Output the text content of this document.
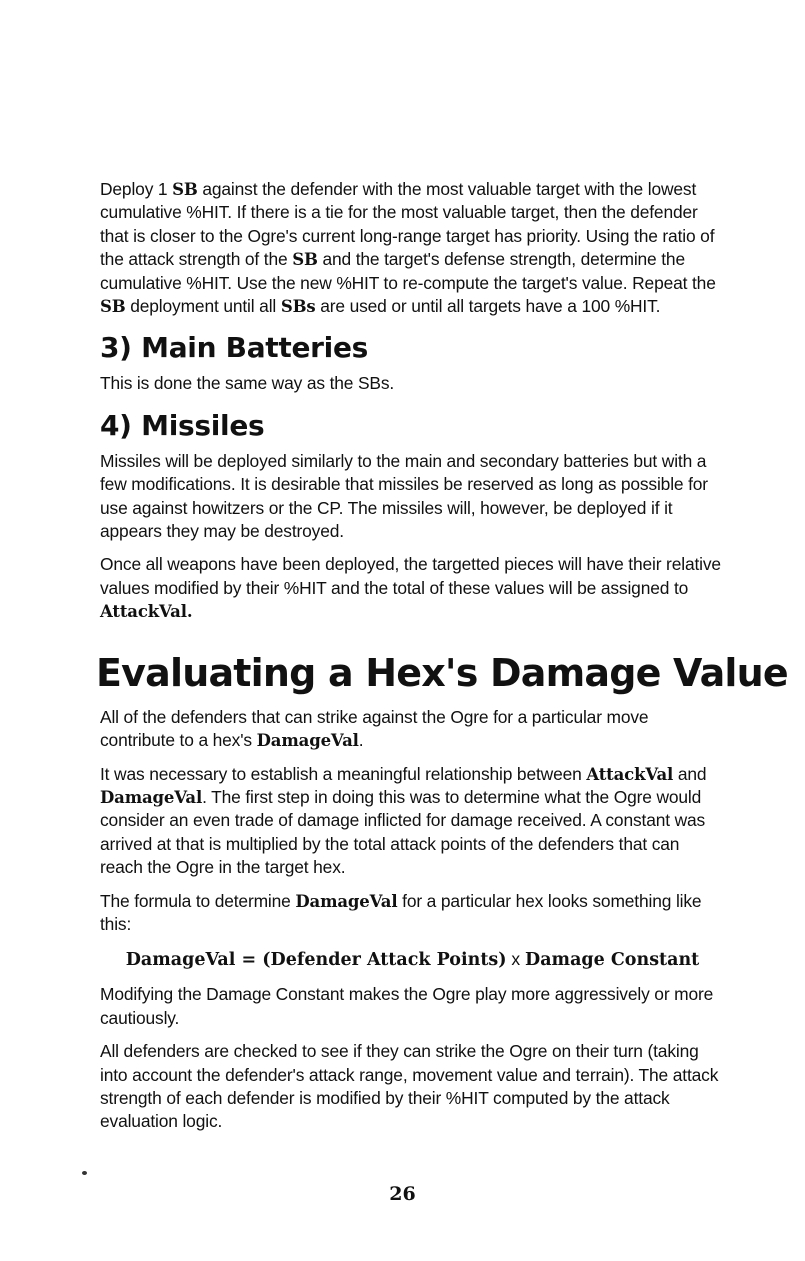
Deploy 1 SB against the defender with the most valuable target with the lowest cumulative %HIT. If there is a tie for the most valuable target, then the defender that is closer to the Ogre's current long-range target has priority. Using the ratio of the attack strength of the SB and the target's defense strength, determine the cumulative %HIT. Use the new %HIT to re-compute the target's value. Repeat the SB deployment until all SBs are used or until all targets have a 100 %HIT.

3) Main Batteries

This is done the same way as the SBs.

4) Missiles

Missiles will be deployed similarly to the main and secondary batteries but with a few modifications. It is desirable that missiles be reserved as long as possible for use against howitzers or the CP. The missiles will, however, be deployed if it appears they may be destroyed.

Once all weapons have been deployed, the targetted pieces will have their relative values modified by their %HIT and the total of these values will be assigned to AttackVal.

Evaluating a Hex's Damage Value

All of the defenders that can strike against the Ogre for a particular move contribute to a hex's DamageVal.

It was necessary to establish a meaningful relationship between AttackVal and DamageVal. The first step in doing this was to determine what the Ogre would consider an even trade of damage inflicted for damage received. A constant was arrived at that is multiplied by the total attack points of the defenders that can reach the Ogre in the target hex.

The formula to determine DamageVal for a particular hex looks something like this:

DamageVal = (Defender Attack Points) x Damage Constant

Modifying the Damage Constant makes the Ogre play more aggressively or more cautiously.

All defenders are checked to see if they can strike the Ogre on their turn (taking into account the defender's attack range, movement value and terrain). The attack strength of each defender is modified by their %HIT computed by the attack evaluation logic.

26
